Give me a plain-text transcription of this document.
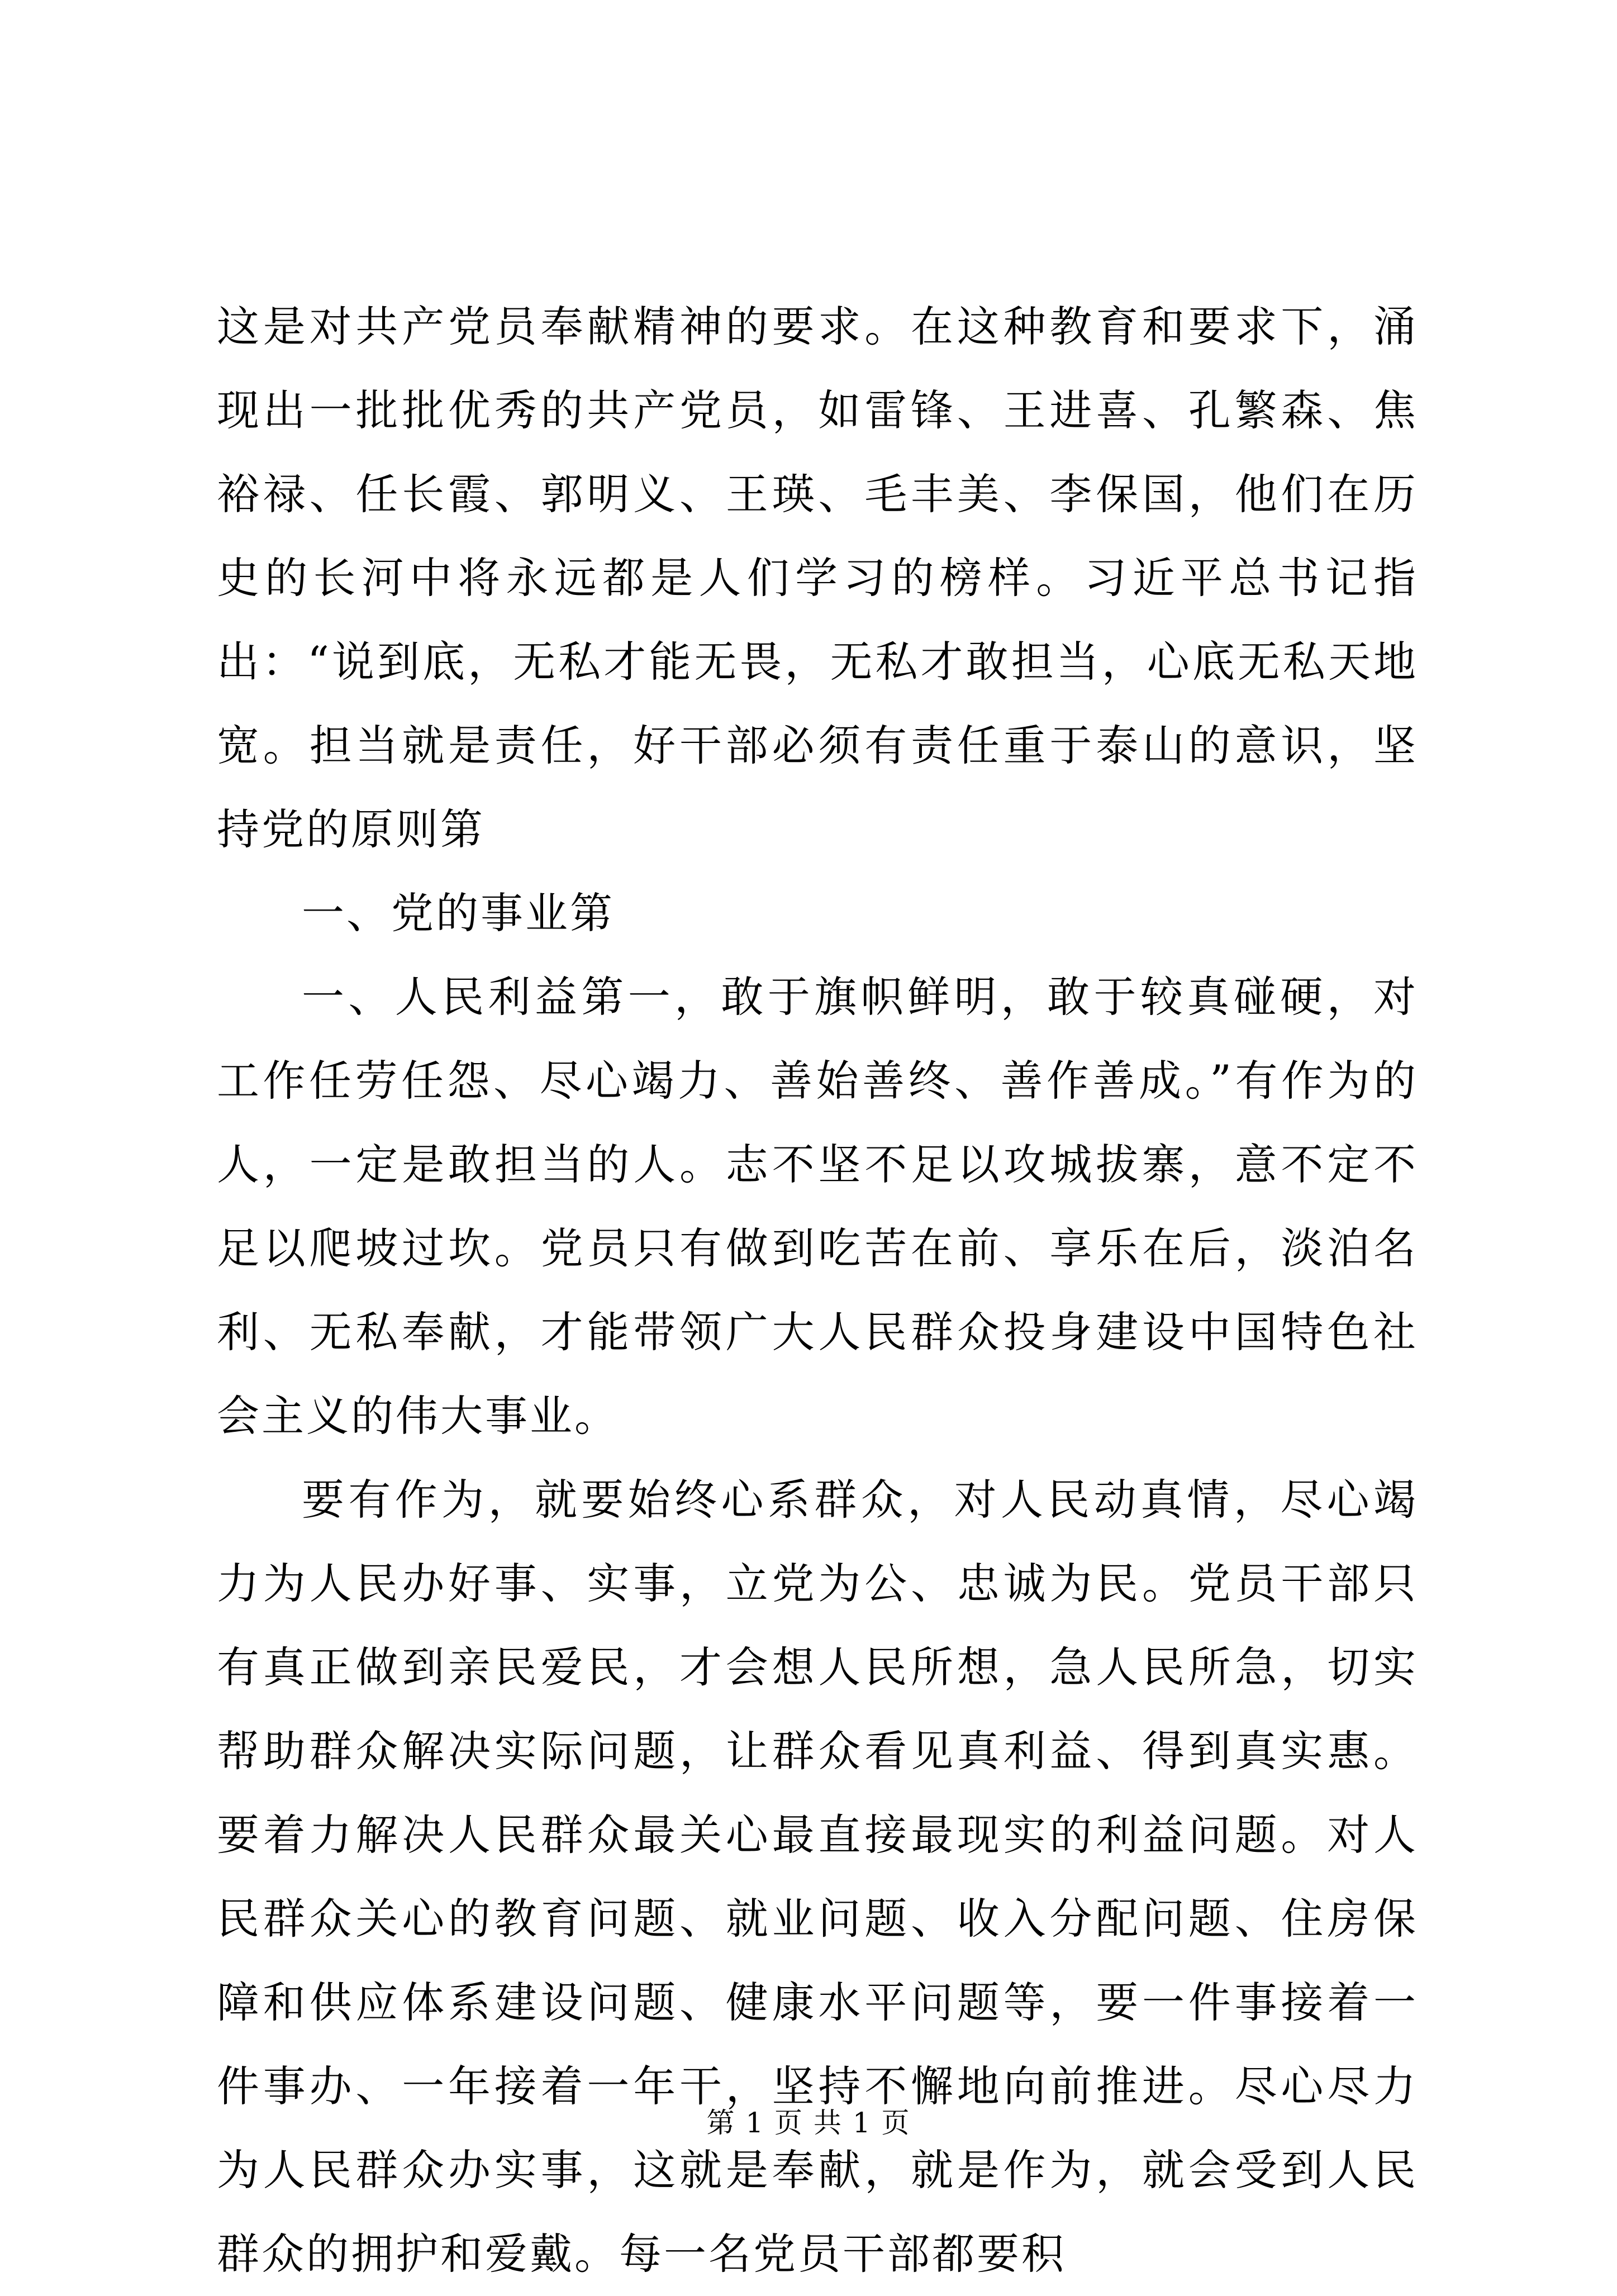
这是对共产党员奉献精神的要求。在这种教育和要求下，涌现出一批批优秀的共产党员，如雷锋、王进喜、孔繁森、焦裕禄、任长霞、郭明义、王瑛、毛丰美、李保国，他们在历史的长河中将永远都是人们学习的榜样。习近平总书记指出：“说到底，无私才能无畏，无私才敢担当，心底无私天地宽。担当就是责任，好干部必须有责任重于泰山的意识，坚持党的原则第

一、党的事业第

一、人民利益第一，敢于旗帜鲜明，敢于较真碰硬，对工作任劳任怨、尽心竭力、善始善终、善作善成。”有作为的人，一定是敢担当的人。志不坚不足以攻城拔寨，意不定不足以爬坡过坎。党员只有做到吃苦在前、享乐在后，淡泊名利、无私奉献，才能带领广大人民群众投身建设中国特色社会主义的伟大事业。

要有作为，就要始终心系群众，对人民动真情，尽心竭力为人民办好事、实事，立党为公、忠诚为民。党员干部只有真正做到亲民爱民，才会想人民所想，急人民所急，切实帮助群众解决实际问题，让群众看见真利益、得到真实惠。要着力解决人民群众最关心最直接最现实的利益问题。对人民群众关心的教育问题、就业问题、收入分配问题、住房保障和供应体系建设问题、健康水平问题等，要一件事接着一件事办、一年接着一年干，坚持不懈地向前推进。尽心尽力为人民群众办实事，这就是奉献，就是作为，就会受到人民群众的拥护和爱戴。每一名党员干部都要积

第 1 页 共 1 页
